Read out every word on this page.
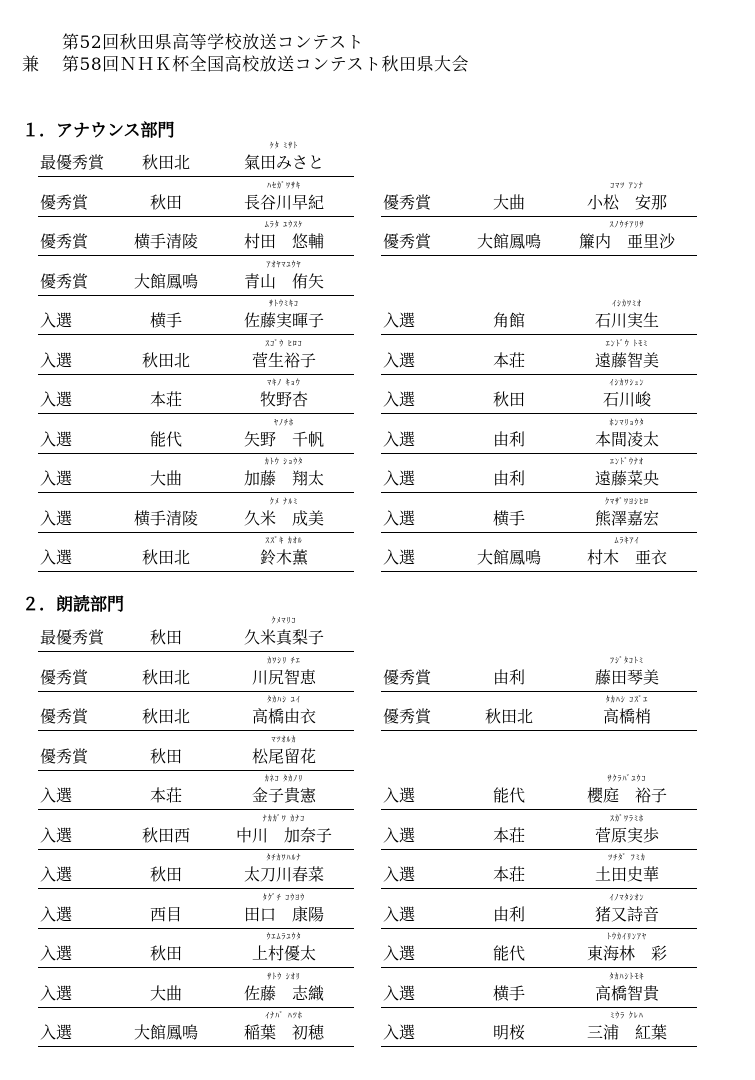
第52回秋田県高等学校放送コンテスト
兼 第58回ＮＨＫ杯全国高校放送コンテスト秋田県大会
１．アナウンス部門
２．朗読部門
ｹﾀ ﾐｻﾄ
最優秀賞	秋田北	氣田みさと
ﾊｾｶﾞﾜｻｷ
優秀賞	秋田	長谷川早紀
ﾑﾗﾀ ﾕｳｽｹ
優秀賞	横手清陵	村田　悠輔
ｱｵﾔﾏﾕｳﾔ
優秀賞	大館鳳鳴	青山　侑矢
ｻﾄｳﾐｷｺ
入選	横手	佐藤実暉子
ｽｺﾞｳ ﾋﾛｺ
入選	秋田北	菅生裕子
ﾏｷﾉ ｷｮｳ
入選	本荘	牧野杏
ﾔﾉﾁﾎ
入選	能代	矢野　千帆
ｶﾄｳ ｼｮｳﾀ
入選	大曲	加藤　翔太
ｸﾒ ﾅﾙﾐ
入選	横手清陵	久米　成美
ｽｽﾞｷ ｶｵﾙ
入選	秋田北	鈴木薫
ｺﾏﾂ ｱﾝﾅ
優秀賞	大曲	小松　安那
ｽﾉｳﾁｱﾘｻ
優秀賞	大館鳳鳴	簾内　亜里沙
ｲｼｶﾜﾐｵ
入選	角館	石川実生
ｴﾝﾄﾞｳ ﾄﾓﾐ
入選	本荘	遠藤智美
ｲｼｶﾜｼｭﾝ
入選	秋田	石川峻
ﾎﾝﾏﾘｮｳﾀ
入選	由利	本間凌太
ｴﾝﾄﾞｳﾅｵ
入選	由利	遠藤菜央
ｸﾏｻﾞﾜﾖｼﾋﾛ
入選	横手	熊澤嘉宏
ﾑﾗｷｱｲ
入選	大館鳳鳴	村木　亜衣
ｸﾒﾏﾘｺ
最優秀賞	秋田	久米真梨子
ｶﾜｼﾘ ﾁｴ
優秀賞	秋田北	川尻智恵
ﾀｶﾊｼ ﾕｲ
優秀賞	秋田北	高橋由衣
ﾏﾂｵﾙｶ
優秀賞	秋田	松尾留花
ｶﾈｺ ﾀｶﾉﾘ
入選	本荘	金子貴憲
ﾅｶｶﾞﾜ ｶﾅｺ
入選	秋田西	中川　加奈子
ﾀﾁｶﾜﾊﾙﾅ
入選	秋田	太刀川春菜
ﾀｸﾞﾁ ｺｳﾖｳ
入選	西目	田口　康陽
ｳｴﾑﾗﾕｳﾀ
入選	秋田	上村優太
ｻﾄｳ ｼｵﾘ
入選	大曲	佐藤　志織
ｲﾅﾊﾞ ﾊﾂﾎ
入選	大館鳳鳴	稲葉　初穂
ﾌｼﾞﾀｺﾄﾐ
優秀賞	由利	藤田琴美
ﾀｶﾊｼ ｺｽﾞｴ
優秀賞	秋田北	高橋梢
ｻｸﾗﾊﾞﾕｳｺ
入選	能代	櫻庭　裕子
ｽｶﾞﾜﾗﾐﾎ
入選	本荘	菅原実歩
ﾂﾁﾀﾞ ﾌﾐｶ
入選	本荘	土田史華
ｲﾉﾏﾀｼｵﾝ
入選	由利	猪又詩音
ﾄｳｶｲﾘﾝｱﾔ
入選	能代	東海林　彩
ﾀｶﾊｼﾄﾓｷ
入選	横手	高橋智貴
ﾐｳﾗ ｸﾚﾊ
入選	明桜	三浦　紅葉
